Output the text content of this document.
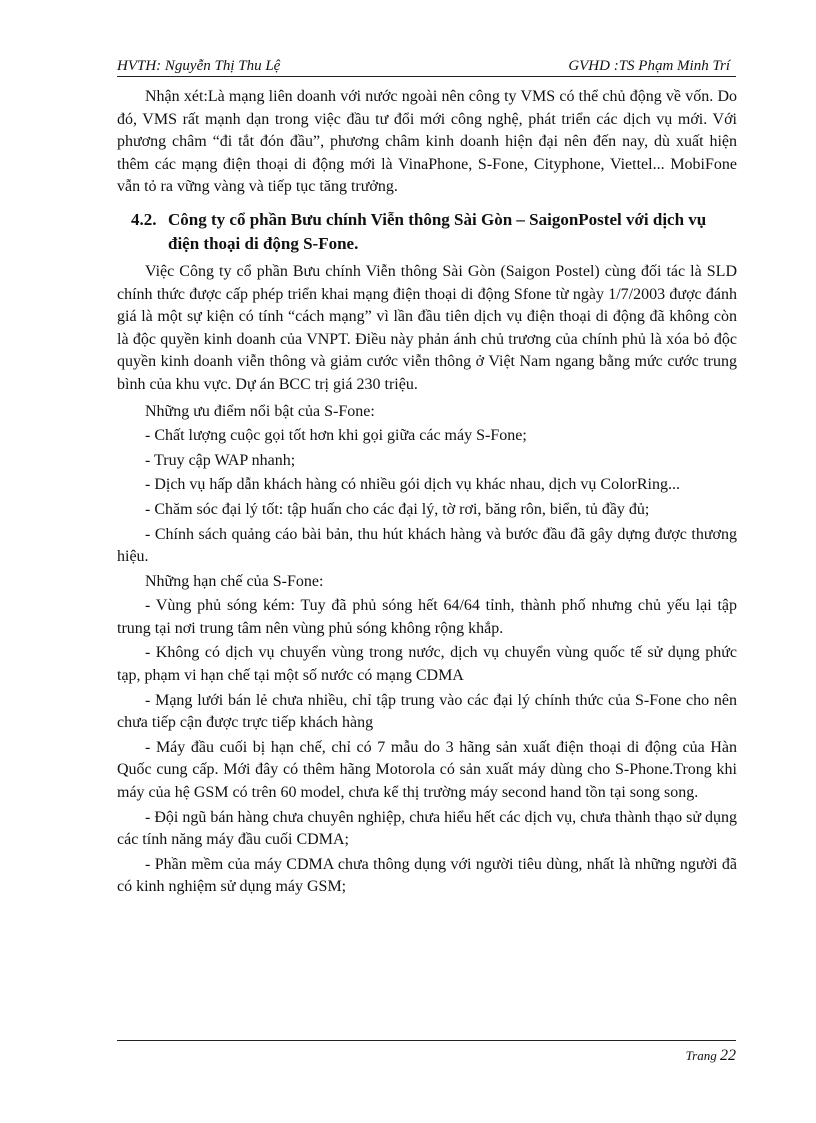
HVTH: Nguyễn Thị Thu Lệ	GVHD :TS Phạm Minh Trí

Nhận xét:Là mạng liên doanh với nước ngoài nên công ty VMS có thể chủ động về vốn. Do đó, VMS rất mạnh dạn trong việc đầu tư đổi mới công nghệ, phát triển các dịch vụ mới. Với phương châm “đi tắt đón đầu”, phương châm kinh doanh hiện đại nên đến nay, dù xuất hiện thêm các mạng điện thoại di động mới là VinaPhone, S-Fone, Cityphone, Viettel... MobiFone vẫn tỏ ra vững vàng và tiếp tục tăng trưởng.

4.2. Công ty cổ phần Bưu chính Viễn thông Sài Gòn – SaigonPostel với dịch vụ điện thoại di động S-Fone.

Việc Công ty cổ phần Bưu chính Viễn thông Sài Gòn (Saigon Postel) cùng đối tác là SLD chính thức được cấp phép triển khai mạng điện thoại di động Sfone từ ngày 1/7/2003 được đánh giá là một sự kiện có tính “cách mạng” vì lần đầu tiên dịch vụ điện thoại di động đã không còn là độc quyền kinh doanh của VNPT. Điều này phản ánh chủ trương của chính phủ là xóa bỏ độc quyền kinh doanh viễn thông và giảm cước viễn thông ở Việt Nam ngang bằng mức cước trung bình của khu vực. Dự án BCC trị giá 230 triệu.

Những ưu điểm nổi bật của S-Fone:

- Chất lượng cuộc gọi tốt hơn khi gọi giữa các máy S-Fone;

- Truy cập WAP nhanh;

- Dịch vụ hấp dẫn khách hàng có nhiều gói dịch vụ khác nhau, dịch vụ ColorRing...

- Chăm sóc đại lý tốt: tập huấn cho các đại lý, tờ rơi, băng rôn, biển, tủ đầy đủ;

- Chính sách quảng cáo bài bản, thu hút khách hàng và bước đầu đã gây dựng được thương hiệu.

Những hạn chế của S-Fone:

- Vùng phủ sóng kém: Tuy đã phủ sóng hết 64/64 tỉnh, thành phố nhưng chủ yếu lại tập trung tại nơi trung tâm nên vùng phủ sóng không rộng khắp.

- Không có dịch vụ chuyển vùng trong nước, dịch vụ chuyển vùng quốc tế sử dụng phức tạp, phạm vi hạn chế tại một số nước có mạng CDMA

- Mạng lưới bán lẻ chưa nhiều, chỉ tập trung vào các đại lý chính thức của S-Fone cho nên chưa tiếp cận được trực tiếp khách hàng

- Máy đầu cuối bị hạn chế, chỉ có 7 mẫu do 3 hãng sản xuất điện thoại di động của Hàn Quốc cung cấp. Mới đây có thêm hãng Motorola có sản xuất máy dùng cho S-Phone.Trong khi máy của hệ GSM có trên 60 model, chưa kể thị trường máy second hand tồn tại song song.

- Đội ngũ bán hàng chưa chuyên nghiệp, chưa hiểu hết các dịch vụ, chưa thành thạo sử dụng các tính năng máy đầu cuối CDMA;

- Phần mềm của máy CDMA chưa thông dụng với người tiêu dùng, nhất là những người đã có kinh nghiệm sử dụng máy GSM;

Trang 22
